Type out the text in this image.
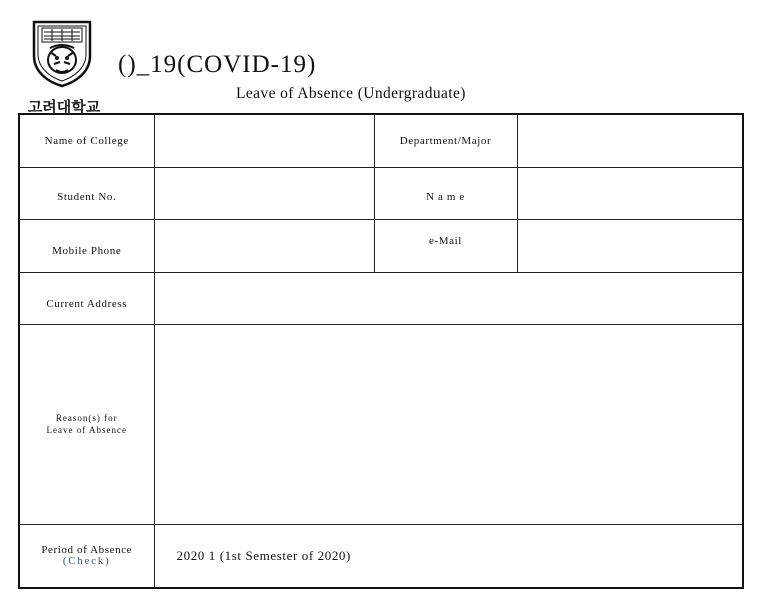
고려대학교
()_19(COVID-19)
Leave of Absence (Undergraduate)
Name of College		Department/Major	

Student No.		N a m e	

Mobile Phone		e-Mail	

Current Address			

Reason(s) for
Leave of Absence			

Period of Absence
(Check)	2020 1 (1st Semester of 2020)		
